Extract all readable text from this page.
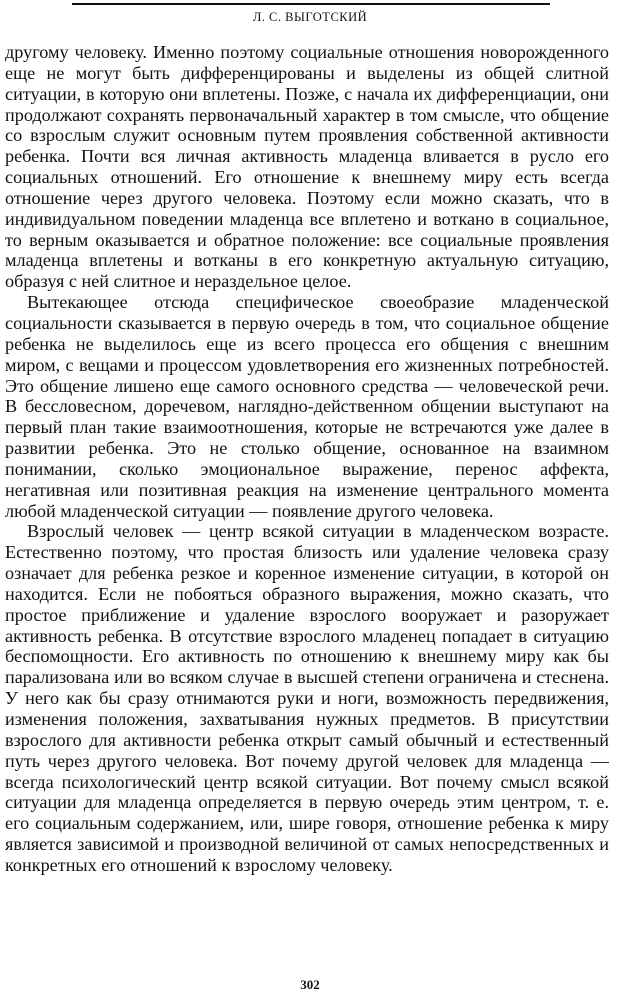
Л. С. ВЫГОТСКИЙ

другому человеку. Именно поэтому социальные отношения новорожденного еще не могут быть дифференцированы и выделены из общей слитной ситуации, в которую они вплетены. Позже, с начала их дифференциации, они продолжают сохранять первоначальный характер в том смысле, что общение со взрослым служит основным путем проявления собственной активности ребенка. Почти вся личная активность младенца вливается в русло его социальных отношений. Его отношение к внешнему миру есть всегда отношение через другого человека. Поэтому если можно сказать, что в индивидуальном поведении младенца все вплетено и воткано в социальное, то верным оказывается и обратное положение: все социальные проявления младенца вплетены и вотканы в его конкретную актуальную ситуацию, образуя с ней слитное и нераздельное целое.

Вытекающее отсюда специфическое своеобразие младенческой социальности сказывается в первую очередь в том, что социальное общение ребенка не выделилось еще из всего процесса его общения с внешним миром, с вещами и процессом удовлетворения его жизненных потребностей. Это общение лишено еще самого основного средства — человеческой речи. В бессловесном, доречевом, наглядно-действенном общении выступают на первый план такие взаимоотношения, которые не встречаются уже далее в развитии ребенка. Это не столько общение, основанное на взаимном понимании, сколько эмоциональное выражение, перенос аффекта, негативная или позитивная реакция на изменение центрального момента любой младенческой ситуации — появление другого человека.

Взрослый человек — центр всякой ситуации в младенческом возрасте. Естественно поэтому, что простая близость или удаление человека сразу означает для ребенка резкое и коренное изменение ситуации, в которой он находится. Если не побояться образного выражения, можно сказать, что простое приближение и удаление взрослого вооружает и разоружает активность ребенка. В отсутствие взрослого младенец попадает в ситуацию беспомощности. Его активность по отношению к внешнему миру как бы парализована или во всяком случае в высшей степени ограничена и стеснена. У него как бы сразу отнимаются руки и ноги, возможность передвижения, изменения положения, захватывания нужных предметов. В присутствии взрослого для активности ребенка открыт самый обычный и естественный путь через другого человека. Вот почему другой человек для младенца — всегда психологический центр всякой ситуации. Вот почему смысл всякой ситуации для младенца определяется в первую очередь этим центром, т. е. его социальным содержанием, или, шире говоря, отношение ребенка к миру является зависимой и производной величиной от самых непосредственных и конкретных его отношений к взрослому человеку.

302
